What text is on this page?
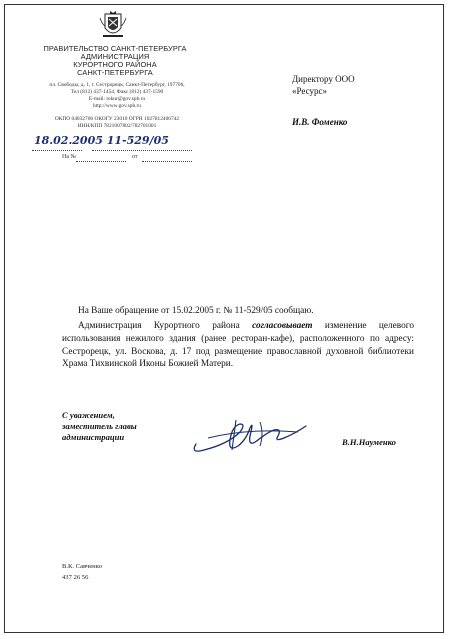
ПРАВИТЕЛЬСТВО САНКТ-ПЕТЕРБУРГА
АДМИНИСТРАЦИЯ
КУРОРТНОГО РАЙОНА
САНКТ-ПЕТЕРБУРГА
пл. Свободы, д. 1, г. Сестрорецк, Санкт-Петербург, 197706,
Тел (812) 437-1454, Факс (812) 437-1590
E-mail: tokur@gov.spb.ru
http://www.gov.spb.ru
ОКПО 04032706 ОКОГУ 23010 ОГРН 1027812406742
ИНН/КПП 7821007802/782701001
18.02.2005 11-529/05
На №	от
Директору ООО
«Ресурс»
И.В. Фоменко
На Ваше обращение от 15.02.2005 г. № 11-529/05 сообщаю.
Администрация Курортного района согласовывает изменение целевого использования нежилого здания (ранее ресторан-кафе), расположенного по адресу: Сестрорецк, ул. Воскова, д. 17 под размещение православной духовной библиотеки Храма Тихвинской Иконы Божией Матери.
С уважением,
заместитель главы
администрации	В.Н.Науменко
В.К. Савченко
437 26 56
